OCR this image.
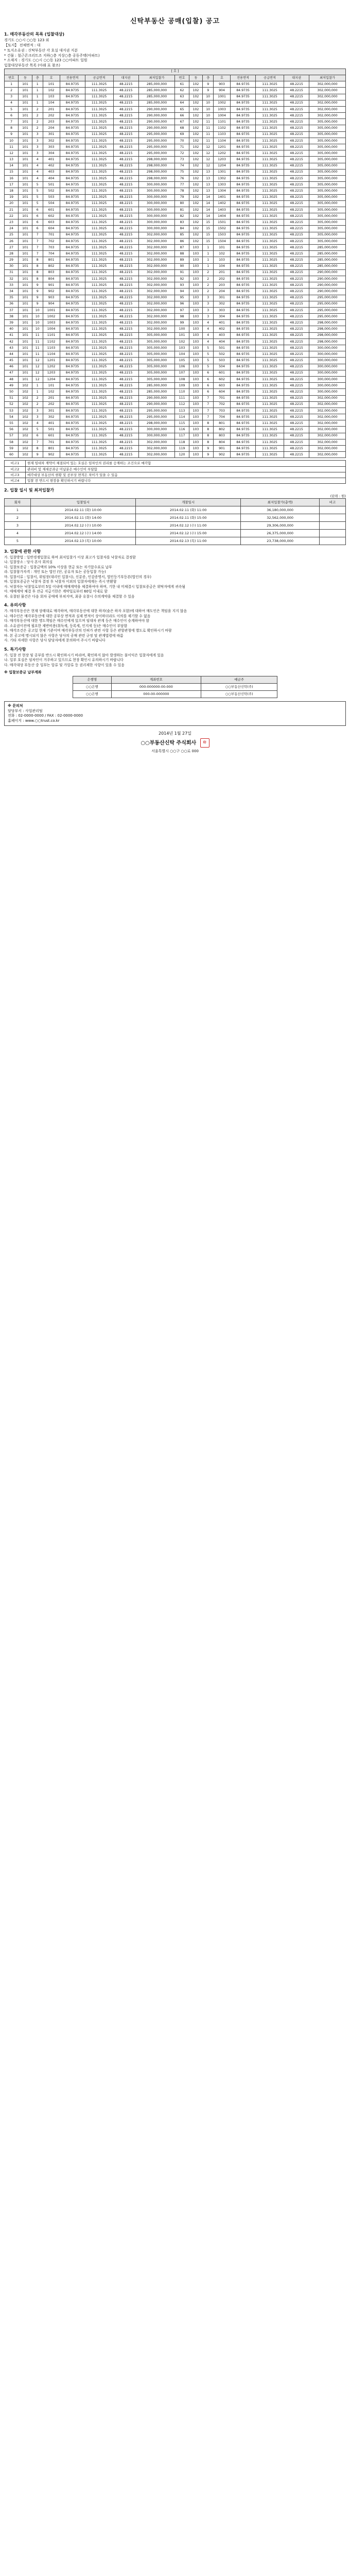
신탁부동산 공매(입찰) 공고
1. 매각부동산의 목록 (입찰대상)
경기도 ○○시 ○○동 123 외
【토지】 전체면적 : 대
* 토지소유권 : 신탁부동산 각 호실 대지권 지분
* 건물 : 철근콘크리트조 지하○층 지상○층 공동주택(아파트)
* 소재지 : 경기도 ○○시 ○○동 123 ○○아파트 일원
입찰대상부동산 목록 (아래 표 참조)
[ 호 ]															
번호	동	층	호	전용면적	공급면적	대지권	최저입찰가	번호	동	층	호	전용면적	공급면적	대지권	최저입찰가
1	101	1	101	84.9735	111.3025	48.2215	285,000,000	61	102	9	903	84.9735	111.3025	48.2215	302,000,000
2	101	1	102	84.9735	111.3025	48.2215	285,000,000	62	102	9	904	84.9735	111.3025	48.2215	302,000,000
3	101	1	103	84.9735	111.3025	48.2215	285,000,000	63	102	10	1001	84.9735	111.3025	48.2215	302,000,000
4	101	1	104	84.9735	111.3025	48.2215	285,000,000	64	102	10	1002	84.9735	111.3025	48.2215	302,000,000
5	101	2	201	84.9735	111.3025	48.2215	290,000,000	65	102	10	1003	84.9735	111.3025	48.2215	302,000,000
6	101	2	202	84.9735	111.3025	48.2215	290,000,000	66	102	10	1004	84.9735	111.3025	48.2215	302,000,000
7	101	2	203	84.9735	111.3025	48.2215	290,000,000	67	102	11	1101	84.9735	111.3025	48.2215	305,000,000
8	101	2	204	84.9735	111.3025	48.2215	290,000,000	68	102	11	1102	84.9735	111.3025	48.2215	305,000,000
9	101	3	301	84.9735	111.3025	48.2215	295,000,000	69	102	11	1103	84.9735	111.3025	48.2215	305,000,000
10	101	3	302	84.9735	111.3025	48.2215	295,000,000	70	102	11	1104	84.9735	111.3025	48.2215	305,000,000
11	101	3	303	84.9735	111.3025	48.2215	295,000,000	71	102	12	1201	84.9735	111.3025	48.2215	305,000,000
12	101	3	304	84.9735	111.3025	48.2215	295,000,000	72	102	12	1202	84.9735	111.3025	48.2215	305,000,000
13	101	4	401	84.9735	111.3025	48.2215	298,000,000	73	102	12	1203	84.9735	111.3025	48.2215	305,000,000
14	101	4	402	84.9735	111.3025	48.2215	298,000,000	74	102	12	1204	84.9735	111.3025	48.2215	305,000,000
15	101	4	403	84.9735	111.3025	48.2215	298,000,000	75	102	13	1301	84.9735	111.3025	48.2215	305,000,000
16	101	4	404	84.9735	111.3025	48.2215	298,000,000	76	102	13	1302	84.9735	111.3025	48.2215	305,000,000
17	101	5	501	84.9735	111.3025	48.2215	300,000,000	77	102	13	1303	84.9735	111.3025	48.2215	305,000,000
18	101	5	502	84.9735	111.3025	48.2215	300,000,000	78	102	13	1304	84.9735	111.3025	48.2215	305,000,000
19	101	5	503	84.9735	111.3025	48.2215	300,000,000	79	102	14	1401	84.9735	111.3025	48.2215	305,000,000
20	101	5	504	84.9735	111.3025	48.2215	300,000,000	80	102	14	1402	84.9735	111.3025	48.2215	305,000,000
21	101	6	601	84.9735	111.3025	48.2215	300,000,000	81	102	14	1403	84.9735	111.3025	48.2215	305,000,000
22	101	6	602	84.9735	111.3025	48.2215	300,000,000	82	102	14	1404	84.9735	111.3025	48.2215	305,000,000
23	101	6	603	84.9735	111.3025	48.2215	300,000,000	83	102	15	1501	84.9735	111.3025	48.2215	305,000,000
24	101	6	604	84.9735	111.3025	48.2215	300,000,000	84	102	15	1502	84.9735	111.3025	48.2215	305,000,000
25	101	7	701	84.9735	111.3025	48.2215	302,000,000	85	102	15	1503	84.9735	111.3025	48.2215	305,000,000
26	101	7	702	84.9735	111.3025	48.2215	302,000,000	86	102	15	1504	84.9735	111.3025	48.2215	305,000,000
27	101	7	703	84.9735	111.3025	48.2215	302,000,000	87	103	1	101	84.9735	111.3025	48.2215	285,000,000
28	101	7	704	84.9735	111.3025	48.2215	302,000,000	88	103	1	102	84.9735	111.3025	48.2215	285,000,000
29	101	8	801	84.9735	111.3025	48.2215	302,000,000	89	103	1	103	84.9735	111.3025	48.2215	285,000,000
30	101	8	802	84.9735	111.3025	48.2215	302,000,000	90	103	1	104	84.9735	111.3025	48.2215	285,000,000
31	101	8	803	84.9735	111.3025	48.2215	302,000,000	91	103	2	201	84.9735	111.3025	48.2215	290,000,000
32	101	8	804	84.9735	111.3025	48.2215	302,000,000	92	103	2	202	84.9735	111.3025	48.2215	290,000,000
33	101	9	901	84.9735	111.3025	48.2215	302,000,000	93	103	2	203	84.9735	111.3025	48.2215	290,000,000
34	101	9	902	84.9735	111.3025	48.2215	302,000,000	94	103	2	204	84.9735	111.3025	48.2215	290,000,000
35	101	9	903	84.9735	111.3025	48.2215	302,000,000	95	103	3	301	84.9735	111.3025	48.2215	295,000,000
36	101	9	904	84.9735	111.3025	48.2215	302,000,000	96	103	3	302	84.9735	111.3025	48.2215	295,000,000
37	101	10	1001	84.9735	111.3025	48.2215	302,000,000	97	103	3	303	84.9735	111.3025	48.2215	295,000,000
38	101	10	1002	84.9735	111.3025	48.2215	302,000,000	98	103	3	304	84.9735	111.3025	48.2215	295,000,000
39	101	10	1003	84.9735	111.3025	48.2215	302,000,000	99	103	4	401	84.9735	111.3025	48.2215	298,000,000
40	101	10	1004	84.9735	111.3025	48.2215	302,000,000	100	103	4	402	84.9735	111.3025	48.2215	298,000,000
41	101	11	1101	84.9735	111.3025	48.2215	305,000,000	101	103	4	403	84.9735	111.3025	48.2215	298,000,000
42	101	11	1102	84.9735	111.3025	48.2215	305,000,000	102	103	4	404	84.9735	111.3025	48.2215	298,000,000
43	101	11	1103	84.9735	111.3025	48.2215	305,000,000	103	103	5	501	84.9735	111.3025	48.2215	300,000,000
44	101	11	1104	84.9735	111.3025	48.2215	305,000,000	104	103	5	502	84.9735	111.3025	48.2215	300,000,000
45	101	12	1201	84.9735	111.3025	48.2215	305,000,000	105	103	5	503	84.9735	111.3025	48.2215	300,000,000
46	101	12	1202	84.9735	111.3025	48.2215	305,000,000	106	103	5	504	84.9735	111.3025	48.2215	300,000,000
47	101	12	1203	84.9735	111.3025	48.2215	305,000,000	107	103	6	601	84.9735	111.3025	48.2215	300,000,000
48	101	12	1204	84.9735	111.3025	48.2215	305,000,000	108	103	6	602	84.9735	111.3025	48.2215	300,000,000
49	102	1	101	84.9735	111.3025	48.2215	285,000,000	109	103	6	603	84.9735	111.3025	48.2215	300,000,000
50	102	1	102	84.9735	111.3025	48.2215	285,000,000	110	103	6	604	84.9735	111.3025	48.2215	300,000,000
51	102	2	201	84.9735	111.3025	48.2215	290,000,000	111	103	7	701	84.9735	111.3025	48.2215	302,000,000
52	102	2	202	84.9735	111.3025	48.2215	290,000,000	112	103	7	702	84.9735	111.3025	48.2215	302,000,000
53	102	3	301	84.9735	111.3025	48.2215	295,000,000	113	103	7	703	84.9735	111.3025	48.2215	302,000,000
54	102	3	302	84.9735	111.3025	48.2215	295,000,000	114	103	7	704	84.9735	111.3025	48.2215	302,000,000
55	102	4	401	84.9735	111.3025	48.2215	298,000,000	115	103	8	801	84.9735	111.3025	48.2215	302,000,000
56	102	5	501	84.9735	111.3025	48.2215	300,000,000	116	103	8	802	84.9735	111.3025	48.2215	302,000,000
57	102	6	601	84.9735	111.3025	48.2215	300,000,000	117	103	8	803	84.9735	111.3025	48.2215	302,000,000
58	102	7	701	84.9735	111.3025	48.2215	302,000,000	118	103	8	804	84.9735	111.3025	48.2215	302,000,000
59	102	8	801	84.9735	111.3025	48.2215	302,000,000	119	103	9	901	84.9735	111.3025	48.2215	302,000,000
60	102	9	902	84.9735	111.3025	48.2215	302,000,000	120	103	9	902	84.9735	111.3025	48.2215	302,000,000
비고1	현재 임대차 계약이 체결되어 있는 호실은 임차인의 권리를 승계하는 조건으로 매각함
비고2	관리비 및 제세공과금 미납분은 매수인이 부담함
비고3	매각대상 부동산의 현황 및 공부상 면적은 차이가 있을 수 있음
비고4	입찰 전 반드시 현장을 확인하시기 바랍니다
2. 입찰 일시 및 최저입찰가
(단위 : 원)
회차	입찰일시	개찰일시	최저입찰가(총액)	비고
1	2014.02.11 (화) 10:00	2014.02.11 (화) 11:00	36,180,000,000	
2	2014.02.11 (화) 14:00	2014.02.11 (화) 15:00	32,562,000,000	
3	2014.02.12 (수) 10:00	2014.02.12 (수) 11:00	29,306,000,000	
4	2014.02.12 (수) 14:00	2014.02.12 (수) 15:00	26,375,000,000	
5	2014.02.13 (목) 10:00	2014.02.13 (목) 11:00	23,738,000,000	
3. 입찰에 관한 사항
가. 입찰방법 : 일반경쟁입찰로 하며 최저입찰가 이상 최고가 입찰자를 낙찰자로 결정함
나. 입찰장소 : 당사 본사 회의실
다. 입찰보증금 : 입찰금액의 10% 이상을 현금 또는 자기앞수표로 납부
라. 입찰참가자격 : 개인 또는 법인 (단, 공유자 또는 공동입찰 가능)
마. 입찰서류 : 입찰서, 위임장(대리인 입찰시), 신분증, 인감증명서, 법인등기부등본(법인의 경우)
바. 입찰보증금은 낙찰자 결정 후 낙찰자 이외의 입찰자에게는 즉시 반환함
사. 낙찰자는 낙찰일로부터 5일 이내에 매매계약을 체결하여야 하며, 기한 내 미체결시 입찰보증금은 위탁자에게 귀속됨
아. 매매계약 체결 후 잔금 지급기한은 계약일로부터 60일 이내로 함
자. 유찰된 물건은 다음 회차 공매에 부쳐지며, 최종 유찰시 수의계약을 체결할 수 있음
4. 유의사항
가. 매각부동산은 현재 상태대로 매각하며, 매각부동산에 대한 하자(숨은 하자 포함)에 대하여 매도인은 책임을 지지 않음
나. 매수인은 매각부동산에 대한 공부상 면적과 실제 면적이 상이하더라도 이의를 제기할 수 없음
다. 매각부동산에 대한 명도책임은 매수인에게 있으며 임대차 관계 등은 매수인이 승계하여야 함
라. 소유권이전에 필요한 제반비용(취득세, 등록세, 인지세 등)은 매수인이 부담함
마. 매각조건은 공고일 현재 기준이며 매각부동산의 인허가 관련 사항 등은 관할관청에 별도로 확인하시기 바람
바. 본 공고에 명시되지 않은 사항은 당사의 공매 관련 규정 및 관계법령에 따름
사. 기타 자세한 사항은 당사 담당자에게 문의하여 주시기 바랍니다
5. 특기사항
가. 입찰 전 현장 및 공부를 반드시 확인하시기 바라며, 확인하지 않아 발생하는 불이익은 입찰자에게 있음
나. 일부 호실은 임차인이 거주하고 있으므로 현장 확인시 유의하시기 바랍니다
다. 매각대상 부동산 중 일부는 압류 및 가압류 등 권리제한 사항이 있을 수 있음
※ 입찰보증금 납부계좌
은행명	계좌번호	예금주
○○은행	000-000000-00-000	○○부동산신탁(주)
○○은행	000-00-000000	○○부동산신탁(주)
※ 문의처
담당부서 : 사업관리팀
전화 : 02-0000-0000 / FAX : 02-0000-0000
홈페이지 : www.○○trust.co.kr
2014년 1월 27일
○○부동산신탁 주식회사 印
서울특별시 ○○구 ○○로 000
